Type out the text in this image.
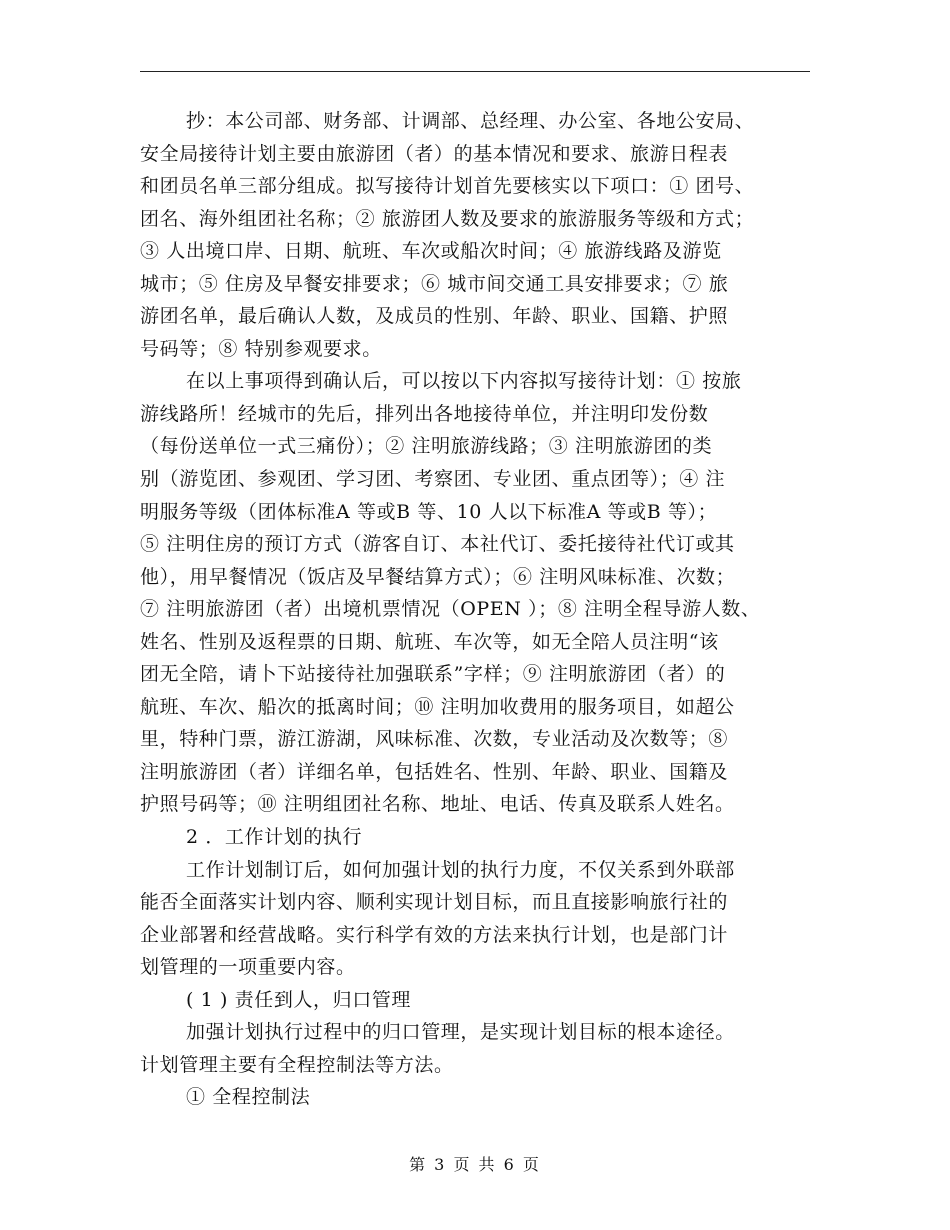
抄：本公司部、财务部、计调部、总经理、办公室、各地公安局、
安全局接待计划主要由旅游团（者）的基本情况和要求、旅游日程表
和团员名单三部分组成。拟写接待计划首先要核实以下项口：① 团号、
团名、海外组团社名称；② 旅游团人数及要求的旅游服务等级和方式；
③ 人出境口岸、日期、航班、车次或船次时间；④ 旅游线路及游览
城市；⑤ 住房及早餐安排要求；⑥ 城市间交通工具安排要求；⑦ 旅
游团名单，最后确认人数，及成员的性别、年龄、职业、国籍、护照
号码等；⑧ 特别参观要求。
在以上事项得到确认后，可以按以下内容拟写接待计划：① 按旅
游线路所！经城市的先后，排列出各地接待单位，并注明印发份数
（每份送单位一式三痛份）；② 注明旅游线路；③ 注明旅游团的类
别（游览团、参观团、学习团、考察团、专业团、重点团等）；④ 注
明服务等级（团体标准A 等或B 等、10 人以下标准A 等或B 等）；
⑤ 注明住房的预订方式（游客自订、本社代订、委托接待社代订或其
他），用早餐情况（饭店及早餐结算方式）；⑥ 注明风味标准、次数；
⑦ 注明旅游团（者）出境机票情况（OPEN ）；⑧ 注明全程导游人数、
姓名、性别及返程票的日期、航班、车次等，如无全陪人员注明“该
团无全陪，请卜下站接待社加强联系”字样；⑨ 注明旅游团（者）的
航班、车次、船次的抵离时间；⑩ 注明加收费用的服务项目，如超公
里，特种门票，游江游湖，风味标准、次数，专业活动及次数等；⑧
注明旅游团（者）详细名单，包括姓名、性别、年龄、职业、国籍及
护照号码等；⑩ 注明组团社名称、地址、电话、传真及联系人姓名。
2 ．工作计划的执行
工作计划制订后，如何加强计划的执行力度，不仅关系到外联部
能否全面落实计划内容、顺利实现计划目标，而且直接影响旅行社的
企业部署和经营战略。实行科学有效的方法来执行计划，也是部门计
划管理的一项重要内容。
( 1 ) 责任到人，归口管理
加强计划执行过程中的归口管理，是实现计划目标的根本途径。
计划管理主要有全程控制法等方法。
① 全程控制法
第 3 页 共 6 页
